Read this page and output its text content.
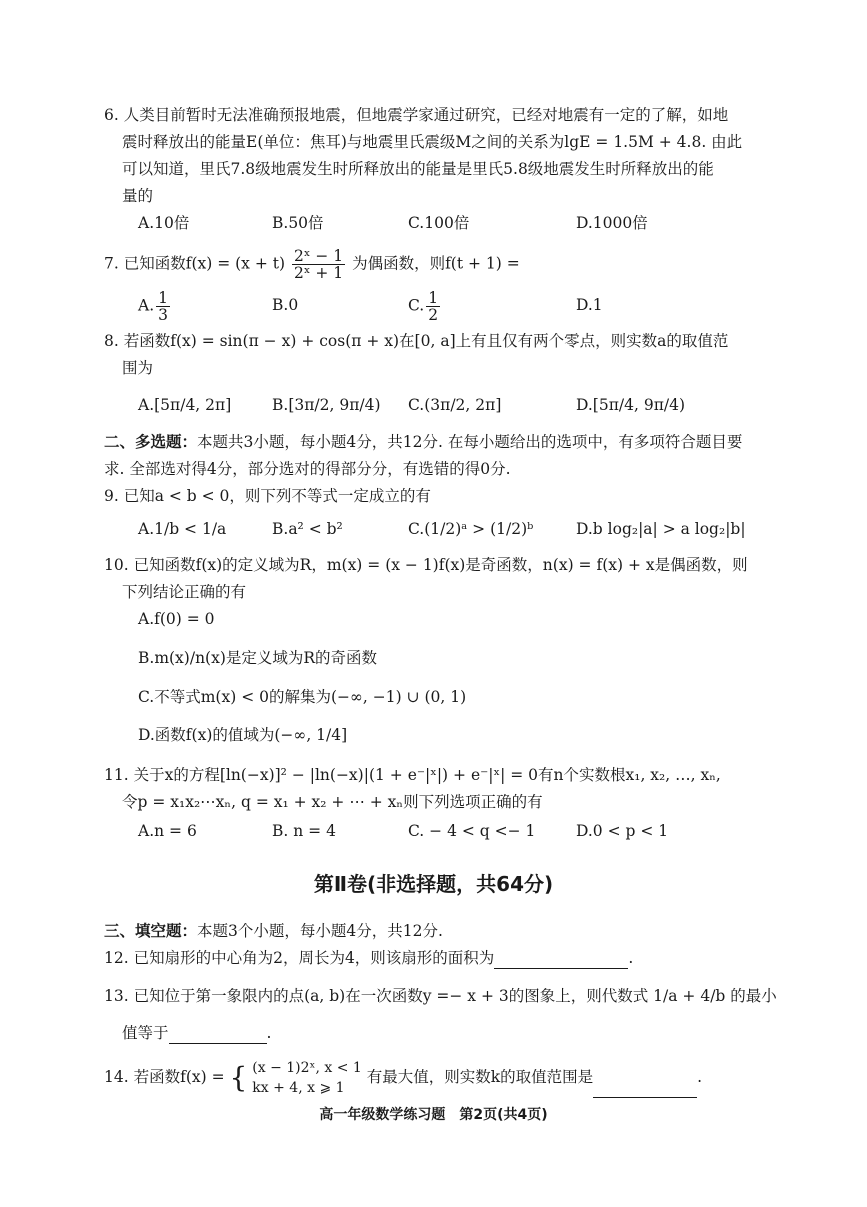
6. 人类目前暂时无法准确预报地震，但地震学家通过研究，已经对地震有一定的了解，如地
震时释放出的能量E(单位：焦耳)与地震里氏震级M之间的关系为lgE = 1.5M + 4.8. 由此
可以知道，里氏7.8级地震发生时所释放出的能量是里氏5.8级地震发生时所释放出的能
量的
A.10倍	B.50倍	C.100倍	D.1000倍
7. 已知函数$f(x) = (x + t) \frac{\text{2ˣ − 1}}{\text{2ˣ + 1}}$ 为偶函数，则f(t + 1) =
A. $\frac{1}{3}$	B.0	C. $\frac{1}{2}$	D.1
8. 若函数f(x) = sin(π − x) + cos(π + x)在[0, a]上有且仅有两个零点，则实数a的取值范
围为
A.[5π/4, 2π]	B.[3π/2, 9π/4) C.(3π/2, 2π]	D.[5π/4, 9π/4)
二、多选题：本题共3小题，每小题4分，共12分. 在每小题给出的选项中，有多项符合题目要
求. 全部选对得4分，部分选对的得部分分，有选错的得0分.
9. 已知a < b < 0，则下列不等式一定成立的有
A.1/b < 1/a	B.a² < b²	C.(1/2)ᵃ > (1/2)ᵇ	D.b log₂|a| > a log₂|b|
10. 已知函数f(x)的定义域为R，m(x) = (x − 1)f(x)是奇函数，n(x) = f(x) + x是偶函数，则
下列结论正确的有
A.f(0) = 0
B.m(x)/n(x)是定义域为R的奇函数
C.不等式m(x) < 0的解集为(−∞, −1) ∪ (0, 1)
D.函数f(x)的值域为(−∞, 1/4]
11. 关于x的方程[ln(−x)]² − |ln(−x)|(1 + e⁻|ˣ|) + e⁻|ˣ| = 0有n个实数根x₁, x₂, …, xₙ,
令p = x₁x₂⋯xₙ, q = x₁ + x₂ + ⋯ + xₙ则下列选项正确的有
A.n = 6	B. n = 4	C. − 4 < q <− 1	D.0 < p < 1
第Ⅱ卷(非选择题，共64分)
三、填空题：本题3个小题，每小题4分，共12分.
12. 已知扇形的中心角为2，周长为4，则该扇形的面积为	.
13. 已知位于第一象限内的点(a, b)在一次函数y =− x + 3的图象上，则代数式 1/a + 4/b 的最小
值等于	.
14. 若函数f(x) = { (x − 1)2ˣ, x < 1
kx + 4, x ⩾ 1
有最大值，则实数k的取值范围是	.
高一年级数学练习题　第2页(共4页)
